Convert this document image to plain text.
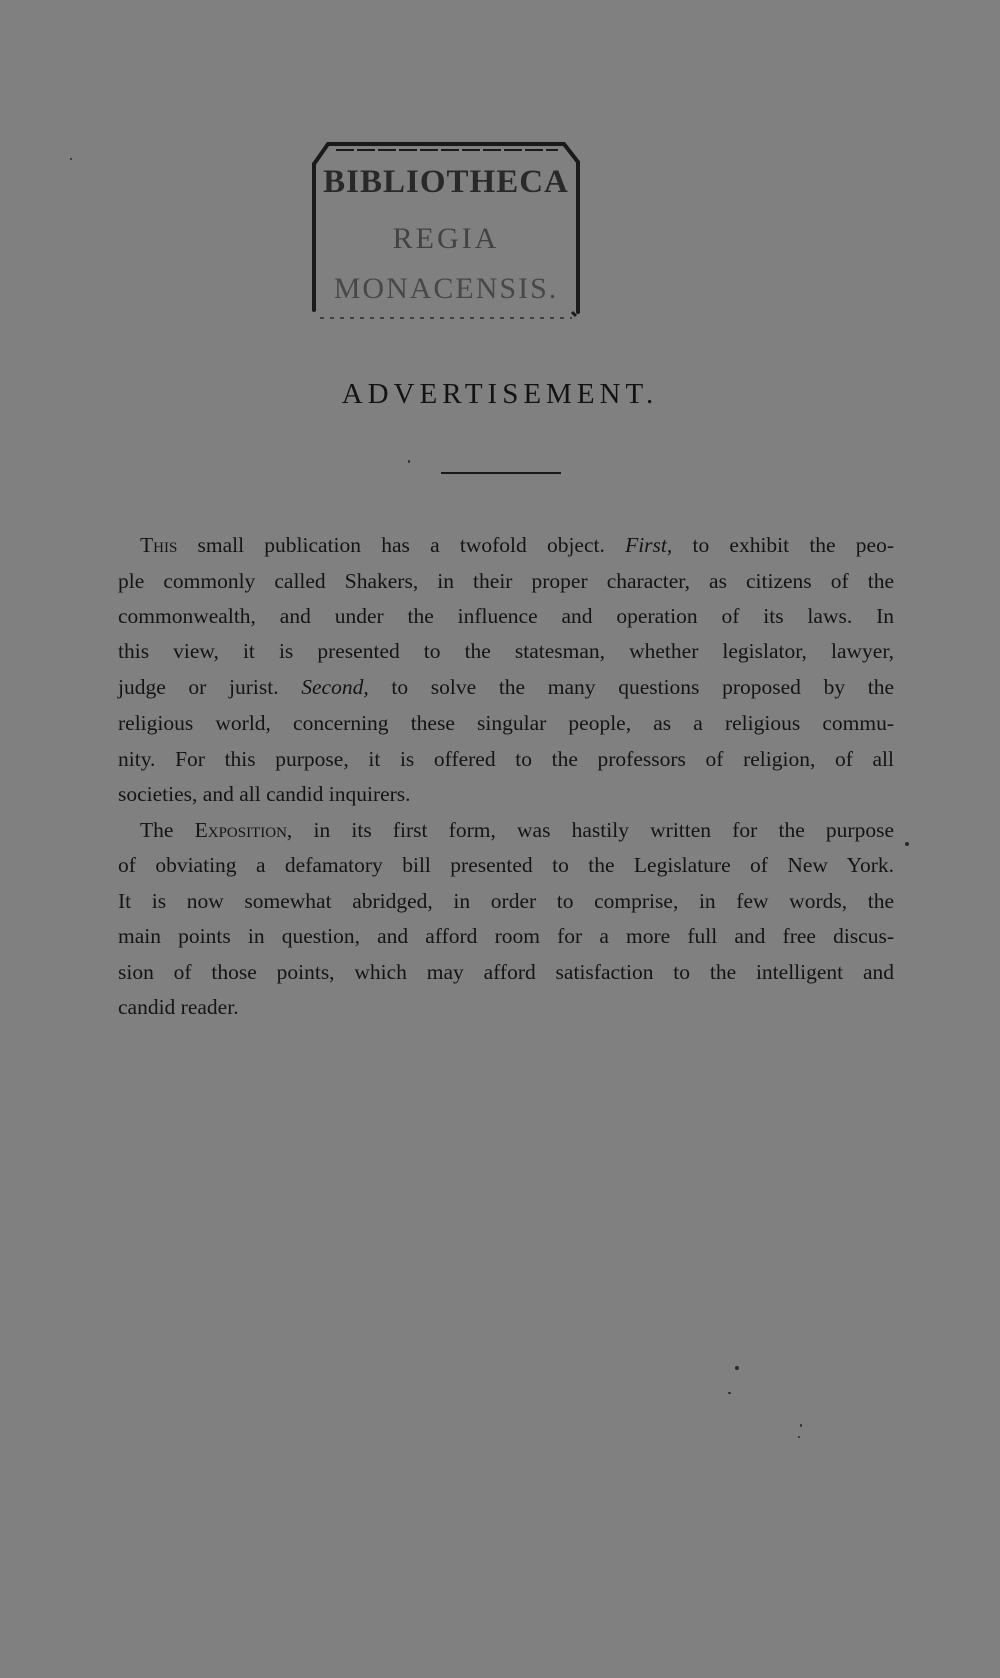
BIBLIOTHECA
REGIA
MONACENSIS.
ADVERTISEMENT.
This small publication has a twofold object. First, to exhibit the peo-
ple commonly called Shakers, in their proper character, as citizens of the
commonwealth, and under the influence and operation of its laws. In
this view, it is presented to the statesman, whether legislator, lawyer,
judge or jurist. Second, to solve the many questions proposed by the
religious world, concerning these singular people, as a religious commu-
nity. For this purpose, it is offered to the professors of religion, of all
societies, and all candid inquirers.
The Exposition, in its first form, was hastily written for the purpose
of obviating a defamatory bill presented to the Legislature of New York.
It is now somewhat abridged, in order to comprise, in few words, the
main points in question, and afford room for a more full and free discus-
sion of those points, which may afford satisfaction to the intelligent and
candid reader.
